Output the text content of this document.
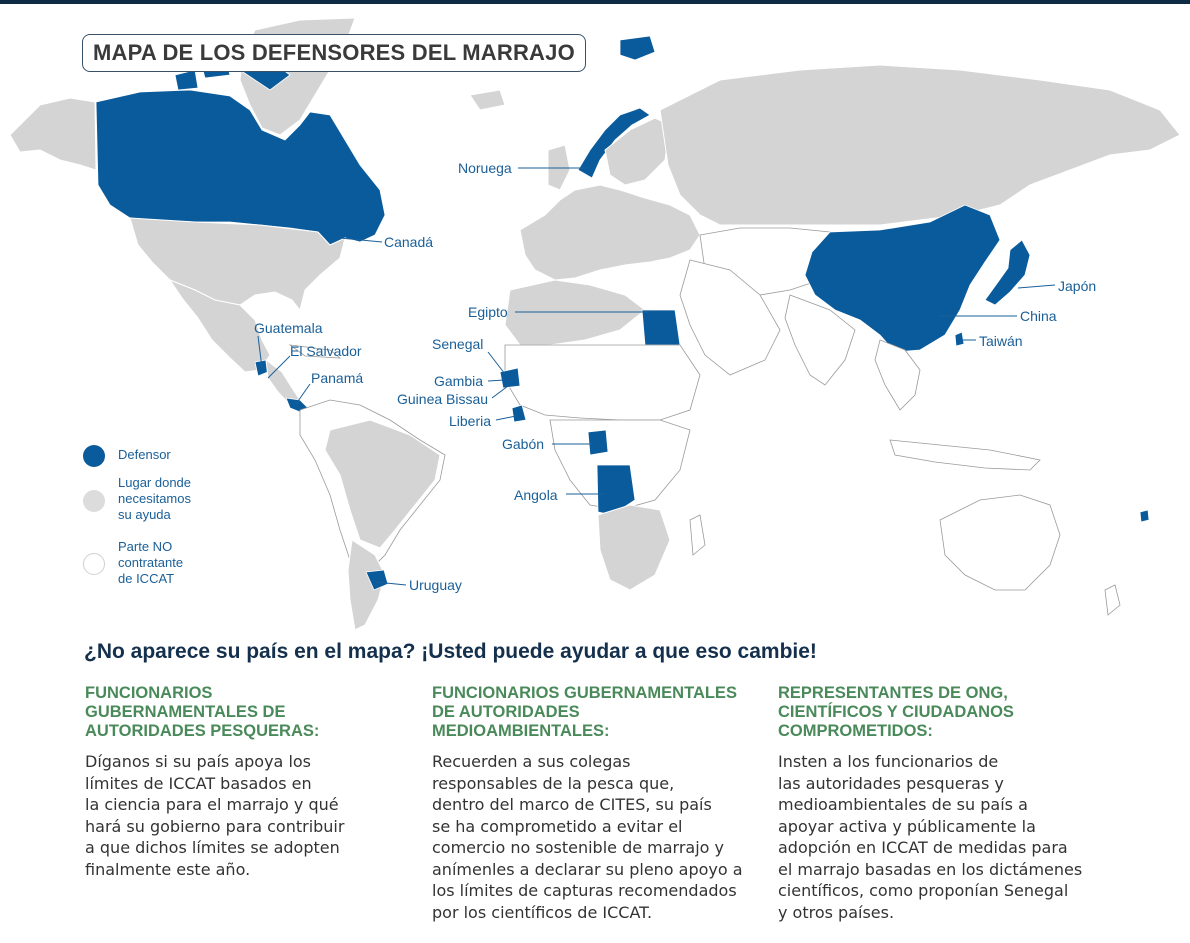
MAPA DE LOS DEFENSORES DEL MARRAJO
Noruega
Canadá
Guatemala
El Salvador
Panamá
Egipto
Senegal
Gambia
Guinea Bissau
Liberia
Gabón
Angola
Uruguay
Japón
China
Taiwán
Defensor
Lugar donde
necesitamos
su ayuda
Parte NO
contratante
de ICCAT
¿No aparece su país en el mapa? ¡Usted puede ayudar a que eso cambie!
FUNCIONARIOS
GUBERNAMENTALES DE
AUTORIDADES PESQUERAS:

Díganos si su país apoya los
límites de ICCAT basados en
la ciencia para el marrajo y qué
hará su gobierno para contribuir
a que dichos límites se adopten
finalmente este año.

FUNCIONARIOS GUBERNAMENTALES
DE AUTORIDADES
MEDIOAMBIENTALES:

Recuerden a sus colegas
responsables de la pesca que,
dentro del marco de CITES, su país
se ha comprometido a evitar el
comercio no sostenible de marrajo y
anímenles a declarar su pleno apoyo a
los límites de capturas recomendados
por los científicos de ICCAT.

REPRESENTANTES DE ONG,
CIENTÍFICOS Y CIUDADANOS
COMPROMETIDOS:

Insten a los funcionarios de
las autoridades pesqueras y
medioambientales de su país a
apoyar activa y públicamente la
adopción en ICCAT de medidas para
el marrajo basadas en los dictámenes
científicos, como proponían Senegal
y otros países.
